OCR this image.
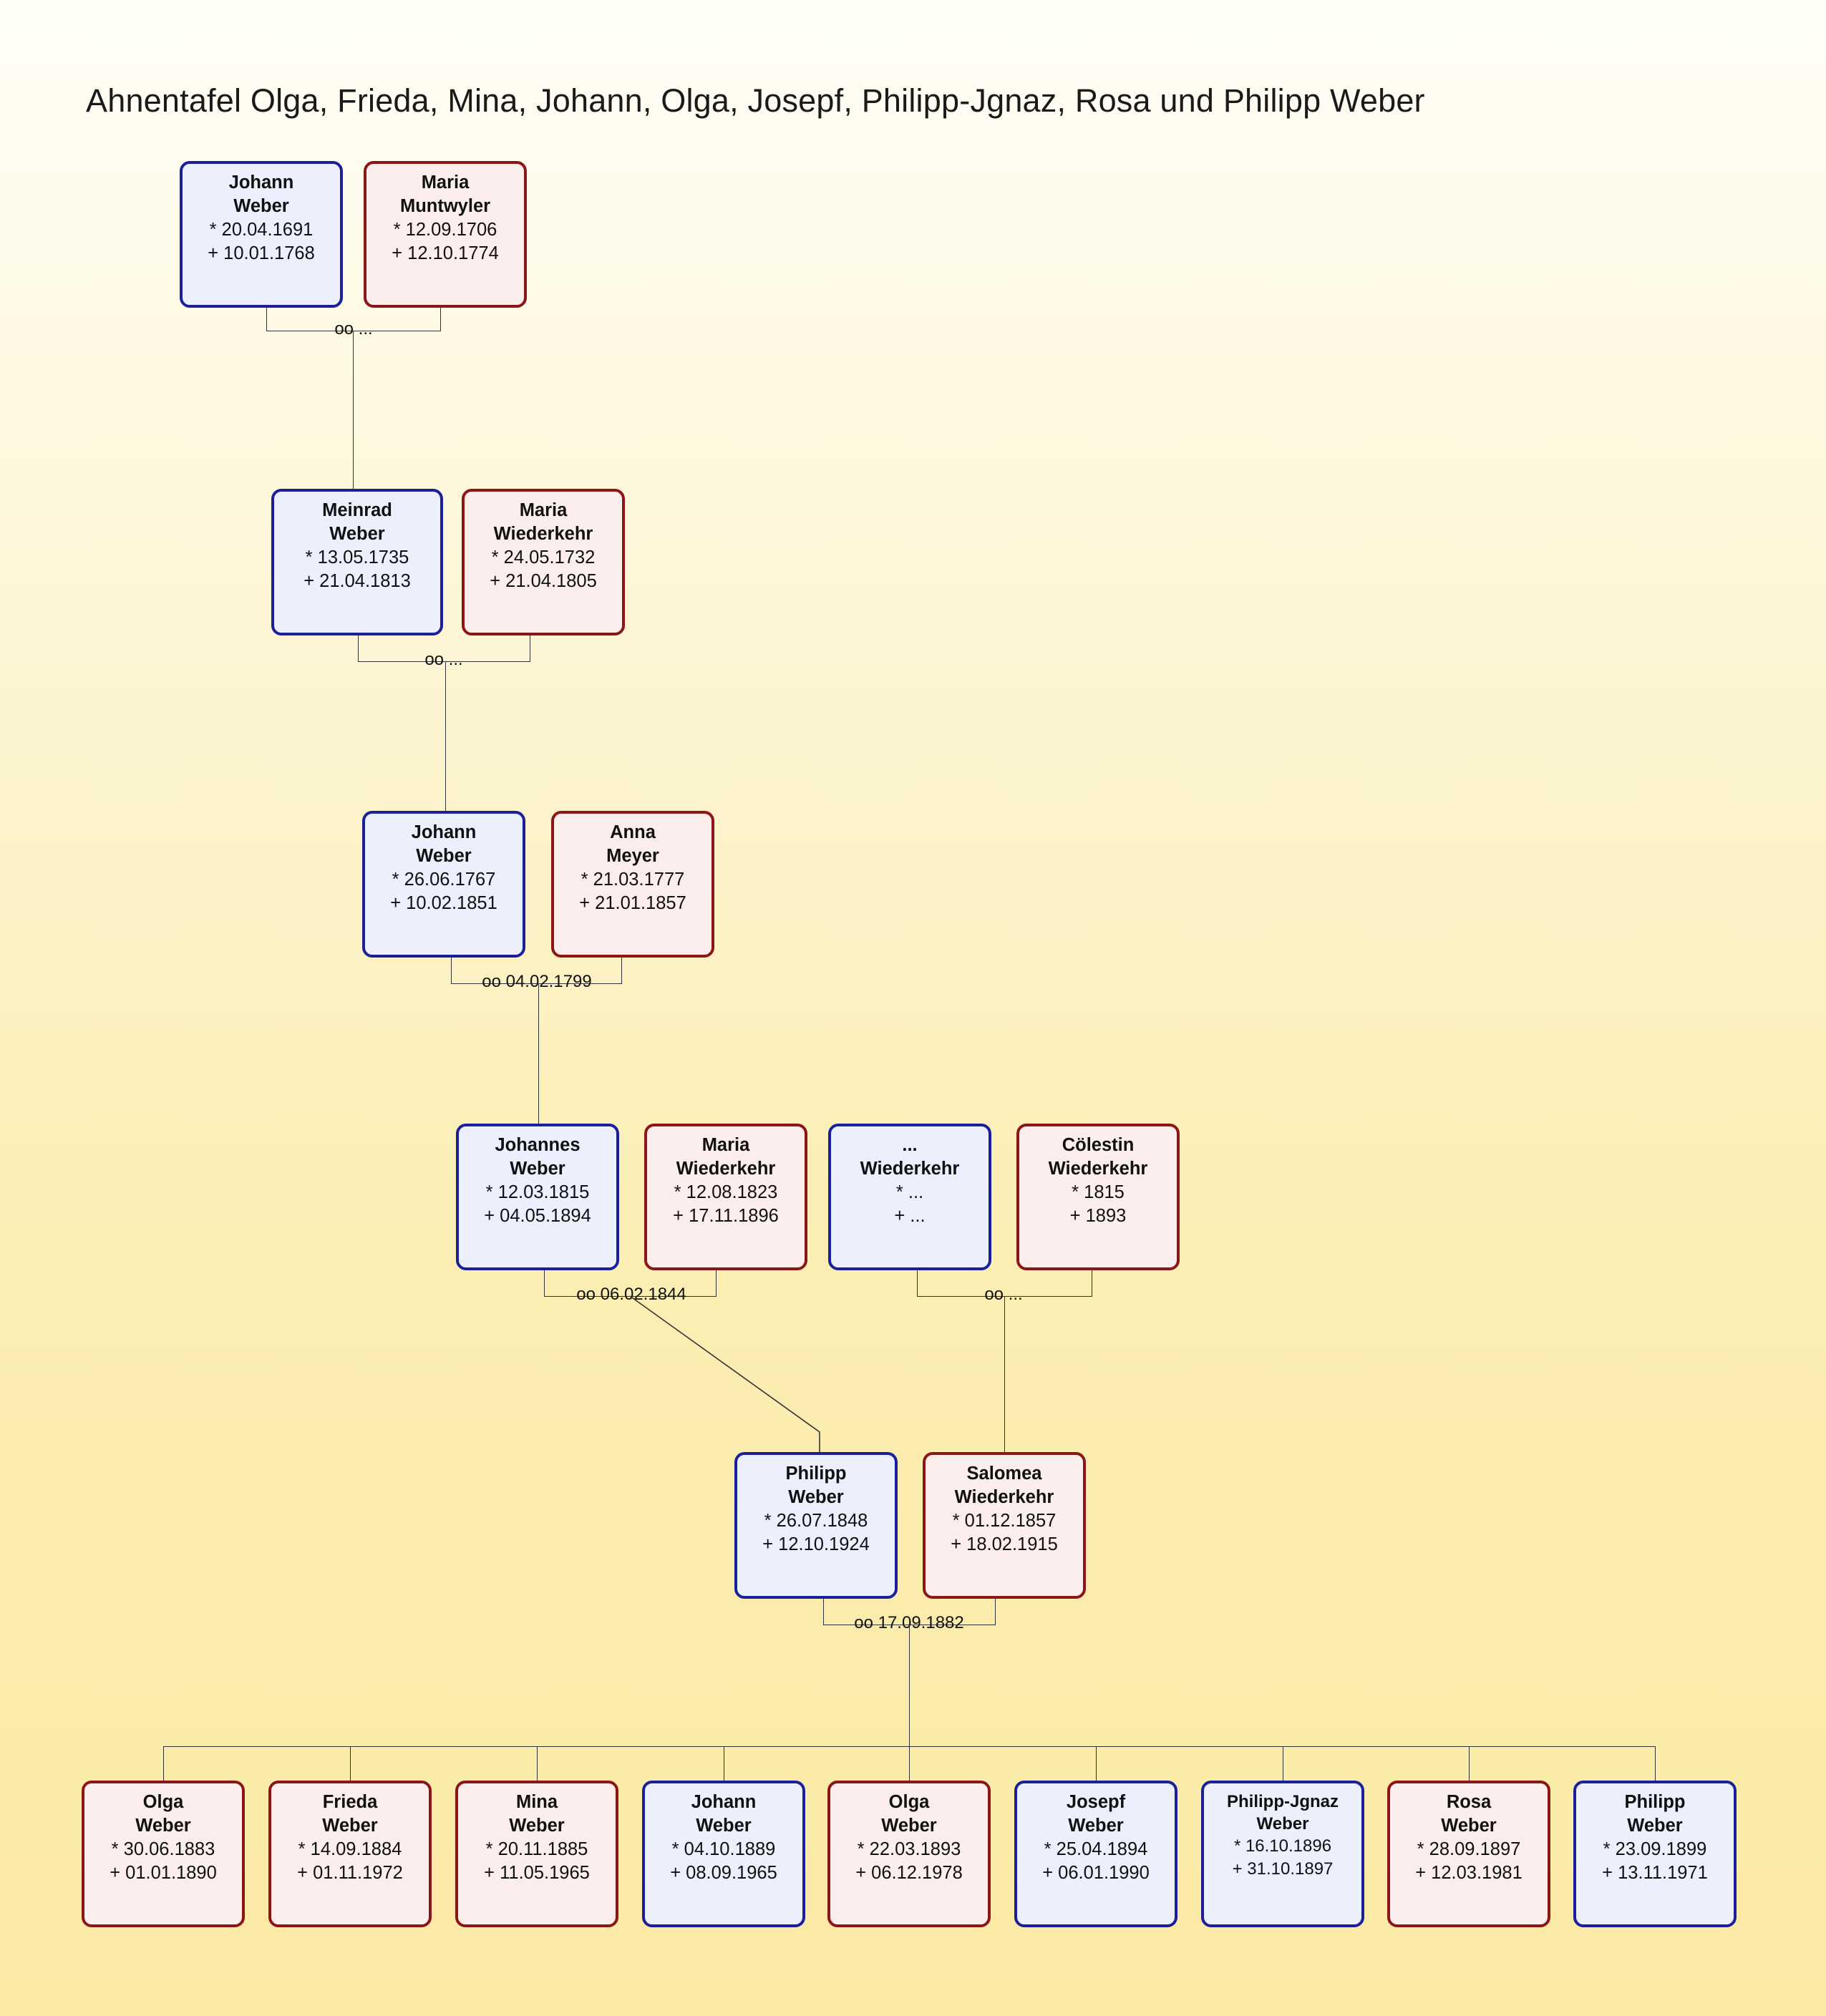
Ahnentafel Olga, Frieda, Mina, Johann, Olga, Josepf, Philipp-Jgnaz, Rosa und Philipp Weber
Johann
Weber
* 20.04.1691
+ 10.01.1768
Maria
Muntwyler
* 12.09.1706
+ 12.10.1774
oo ...
Meinrad
Weber
* 13.05.1735
+ 21.04.1813
Maria
Wiederkehr
* 24.05.1732
+ 21.04.1805
oo ...
Johann
Weber
* 26.06.1767
+ 10.02.1851
Anna
Meyer
* 21.03.1777
+ 21.01.1857
oo 04.02.1799
Johannes
Weber
* 12.03.1815
+ 04.05.1894
Maria
Wiederkehr
* 12.08.1823
+ 17.11.1896
...
Wiederkehr
* ...
+ ...
Cölestin
Wiederkehr
* 1815
+ 1893
oo 06.02.1844	oo ...
Philipp
Weber
* 26.07.1848
+ 12.10.1924
Salomea
Wiederkehr
* 01.12.1857
+ 18.02.1915
oo 17.09.1882
Olga
Weber
* 30.06.1883
+ 01.01.1890
Frieda
Weber
* 14.09.1884
+ 01.11.1972
Mina
Weber
* 20.11.1885
+ 11.05.1965
Johann
Weber
* 04.10.1889
+ 08.09.1965
Olga
Weber
* 22.03.1893
+ 06.12.1978
Josepf
Weber
* 25.04.1894
+ 06.01.1990
Philipp-Jgnaz
Weber
* 16.10.1896
+ 31.10.1897
Rosa
Weber
* 28.09.1897
+ 12.03.1981
Philipp
Weber
* 23.09.1899
+ 13.11.1971
